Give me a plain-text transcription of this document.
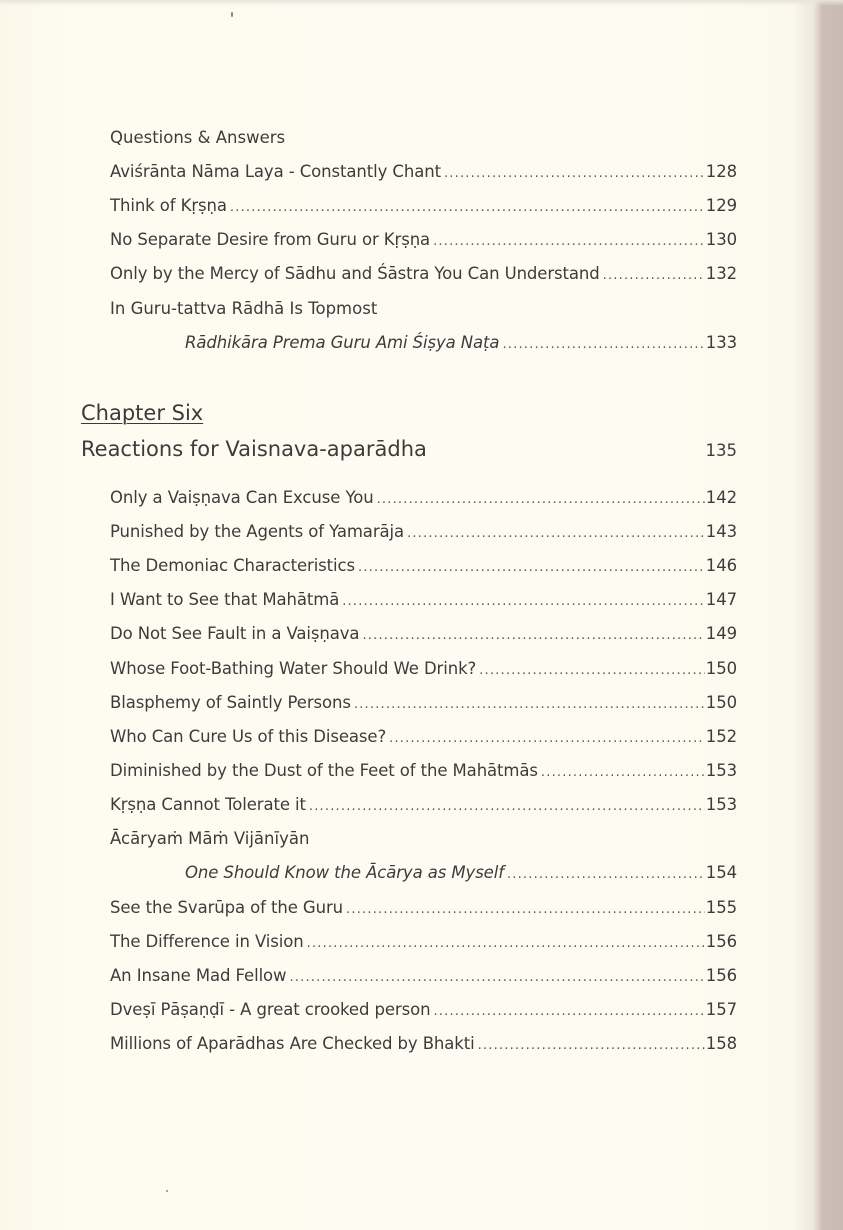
Questions & Answers
Aviśrānta Nāma Laya - Constantly Chant .....	128
Think of Kṛṣṇa .....	129
No Separate Desire from Guru or Kṛṣṇa .....	130
Only by the Mercy of Sādhu and Śāstra You Can Understand .....	132
In Guru-tattva Rādhā Is Topmost
Rādhikāra Prema Guru Ami Śiṣya Naṭa .....	133
Chapter Six
Reactions for Vaisnava-aparādha	135
Only a Vaiṣṇava Can Excuse You .....	142
Punished by the Agents of Yamarāja .....	143
The Demoniac Characteristics .....	146
I Want to See that Mahātmā .....	147
Do Not See Fault in a Vaiṣṇava .....	149
Whose Foot-Bathing Water Should We Drink? .....	150
Blasphemy of Saintly Persons .....	150
Who Can Cure Us of this Disease? .....	152
Diminished by the Dust of the Feet of the Mahātmās .....	153
Kṛṣṇa Cannot Tolerate it .....	153
Ācāryaṁ Māṁ Vijānīyān
One Should Know the Ācārya as Myself .....	154
See the Svarūpa of the Guru .....	155
The Difference in Vision .....	156
An Insane Mad Fellow .....	156
Dveṣī Pāṣaṇḍī - A great crooked person .....	157
Millions of Aparādhas Are Checked by Bhakti .....	158
